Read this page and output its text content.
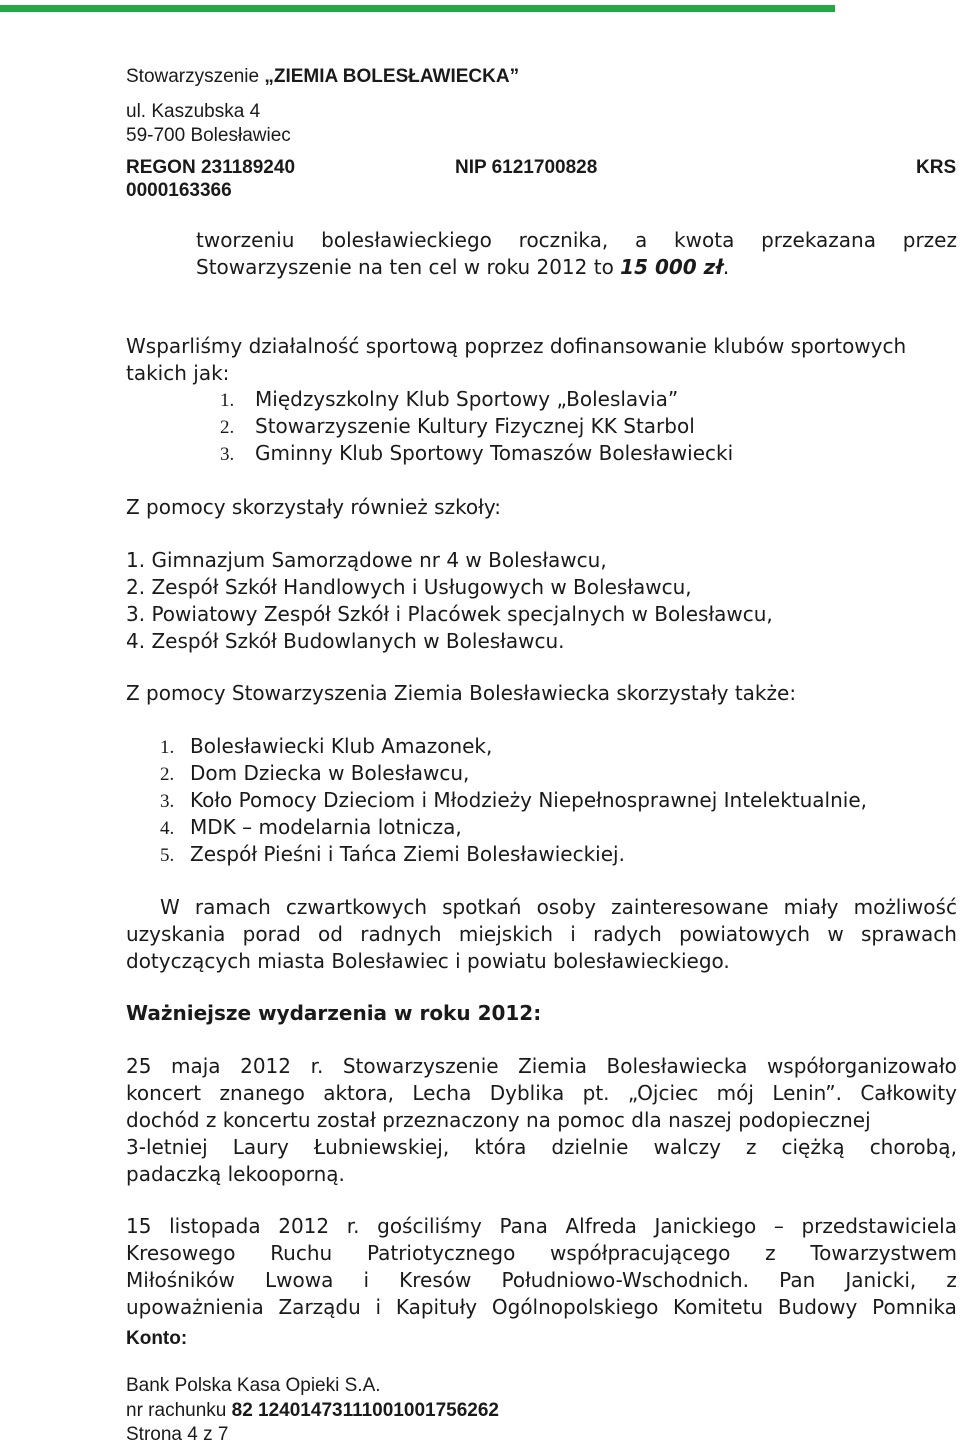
Stowarzyszenie „ZIEMIA BOLESŁAWIECKA”
ul. Kaszubska 4
59-700 Bolesławiec
REGON 231189240	NIP 6121700828	KRS
0000163366
tworzeniu bolesławieckiego rocznika, a kwota przekazana przez
Stowarzyszenie na ten cel w roku 2012 to 15 000 zł.
Wsparliśmy działalność sportową poprzez dofinansowanie klubów sportowych
takich jak:
1. Międzyszkolny Klub Sportowy „Boleslavia”
2. Stowarzyszenie Kultury Fizycznej KK Starbol
3. Gminny Klub Sportowy Tomaszów Bolesławiecki
Z pomocy skorzystały również szkoły:
1. Gimnazjum Samorządowe nr 4 w Bolesławcu,
2. Zespół Szkół Handlowych i Usługowych w Bolesławcu,
3. Powiatowy Zespół Szkół i Placówek specjalnych w Bolesławcu,
4. Zespół Szkół Budowlanych w Bolesławcu.
Z pomocy Stowarzyszenia Ziemia Bolesławiecka skorzystały także:
1. Bolesławiecki Klub Amazonek,
2. Dom Dziecka w Bolesławcu,
3. Koło Pomocy Dzieciom i Młodzieży Niepełnosprawnej Intelektualnie,
4. MDK – modelarnia lotnicza,
5. Zespół Pieśni i Tańca Ziemi Bolesławieckiej.
W ramach czwartkowych spotkań osoby zainteresowane miały możliwość
uzyskania porad od radnych miejskich i radych powiatowych w sprawach
dotyczących miasta Bolesławiec i powiatu bolesławieckiego.
Ważniejsze wydarzenia w roku 2012:
25 maja 2012 r. Stowarzyszenie Ziemia Bolesławiecka współorganizowało
koncert znanego aktora, Lecha Dyblika pt. „Ojciec mój Lenin”. Całkowity
dochód z koncertu został przeznaczony na pomoc dla naszej podopiecznej
3-letniej Laury Łubniewskiej, która dzielnie walczy z ciężką chorobą,
padaczką lekooporną.
15 listopada 2012 r. gościliśmy Pana Alfreda Janickiego – przedstawiciela
Kresowego Ruchu Patriotycznego współpracującego z Towarzystwem
Miłośników Lwowa i Kresów Południowo-Wschodnich. Pan Janicki, z
upoważnienia Zarządu i Kapituły Ogólnopolskiego Komitetu Budowy Pomnika
Konto:
Bank Polska Kasa Opieki S.A.
nr rachunku 82 12401473111001001756262
Strona 4 z 7
